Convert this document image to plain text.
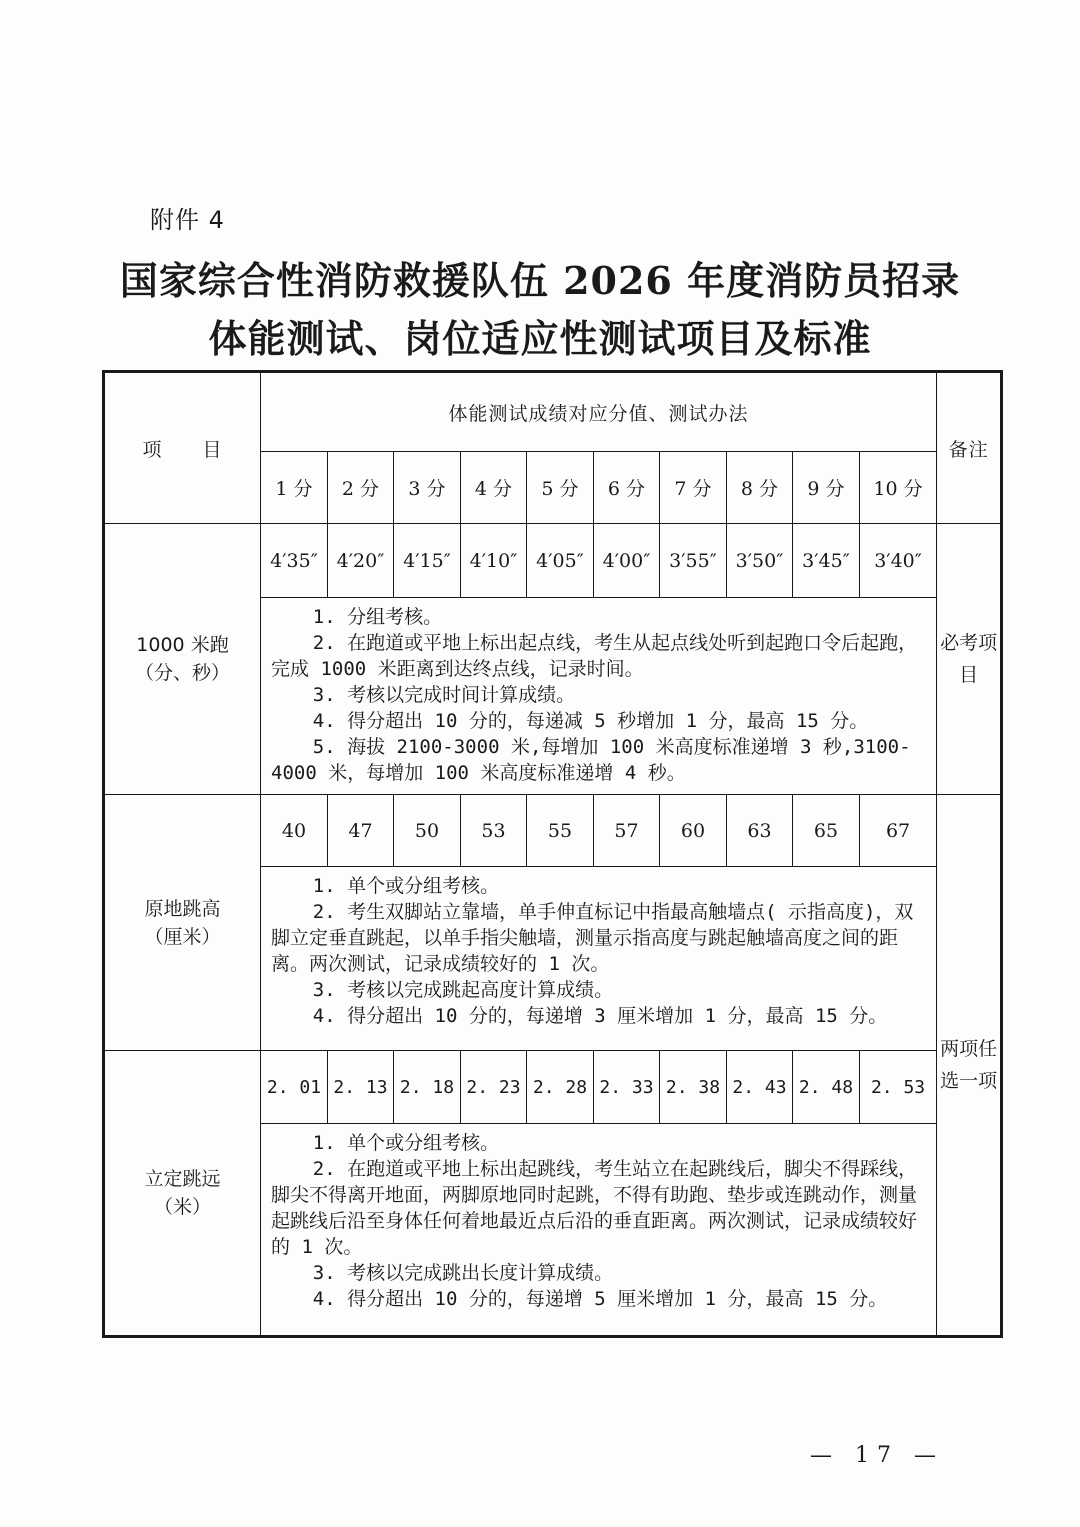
附件 4
国家综合性消防救援队伍 2026 年度消防员招录
体能测试、岗位适应性测试项目及标准
项　　目	体能测试成绩对应分值、测试办法										备注
	1 分	2 分	3 分	4 分	5 分	6 分	7 分	8 分	9 分	10 分	

1000 米跑
（分、秒）	4′35″	4′20″	4′15″	4′10″	4′05″	4′00″	3′55″	3′50″	3′45″	3′40″	必考项目

	1. 分组考核。
2. 在跑道或平地上标出起点线，考生从起点线处听到起跑口令后起跑，完成 1000 米距离到达终点线，记录时间。
3. 考核以完成时间计算成绩。
4. 得分超出 10 分的，每递减 5 秒增加 1 分，最高 15 分。
5. 海拔 2100-3000 米,每增加 100 米高度标准递增 3 秒,3100-4000 米，每增加 100 米高度标准递增 4 秒。										

原地跳高
（厘米）	40	47	50	53	55	57	60	63	65	67	两项任选一项

	1. 单个或分组考核。
2. 考生双脚站立靠墙，单手伸直标记中指最高触墙点( 示指高度)，双脚立定垂直跳起，以单手指尖触墙，测量示指高度与跳起触墙高度之间的距离。两次测试，记录成绩较好的 1 次。
3. 考核以完成跳起高度计算成绩。
4. 得分超出 10 分的，每递增 3 厘米增加 1 分，最高 15 分。										

立定跳远
（米）	2. 01	2. 13	2. 18	2. 23	2. 28	2. 33	2. 38	2. 43	2. 48	2. 53	

	1. 单个或分组考核。
2. 在跑道或平地上标出起跳线，考生站立在起跳线后，脚尖不得踩线，脚尖不得离开地面，两脚原地同时起跳，不得有助跑、垫步或连跳动作，测量起跳线后沿至身体任何着地最近点后沿的垂直距离。两次测试，记录成绩较好的 1 次。
3. 考核以完成跳出长度计算成绩。
4. 得分超出 10 分的，每递增 5 厘米增加 1 分，最高 15 分。										
— 17 —
